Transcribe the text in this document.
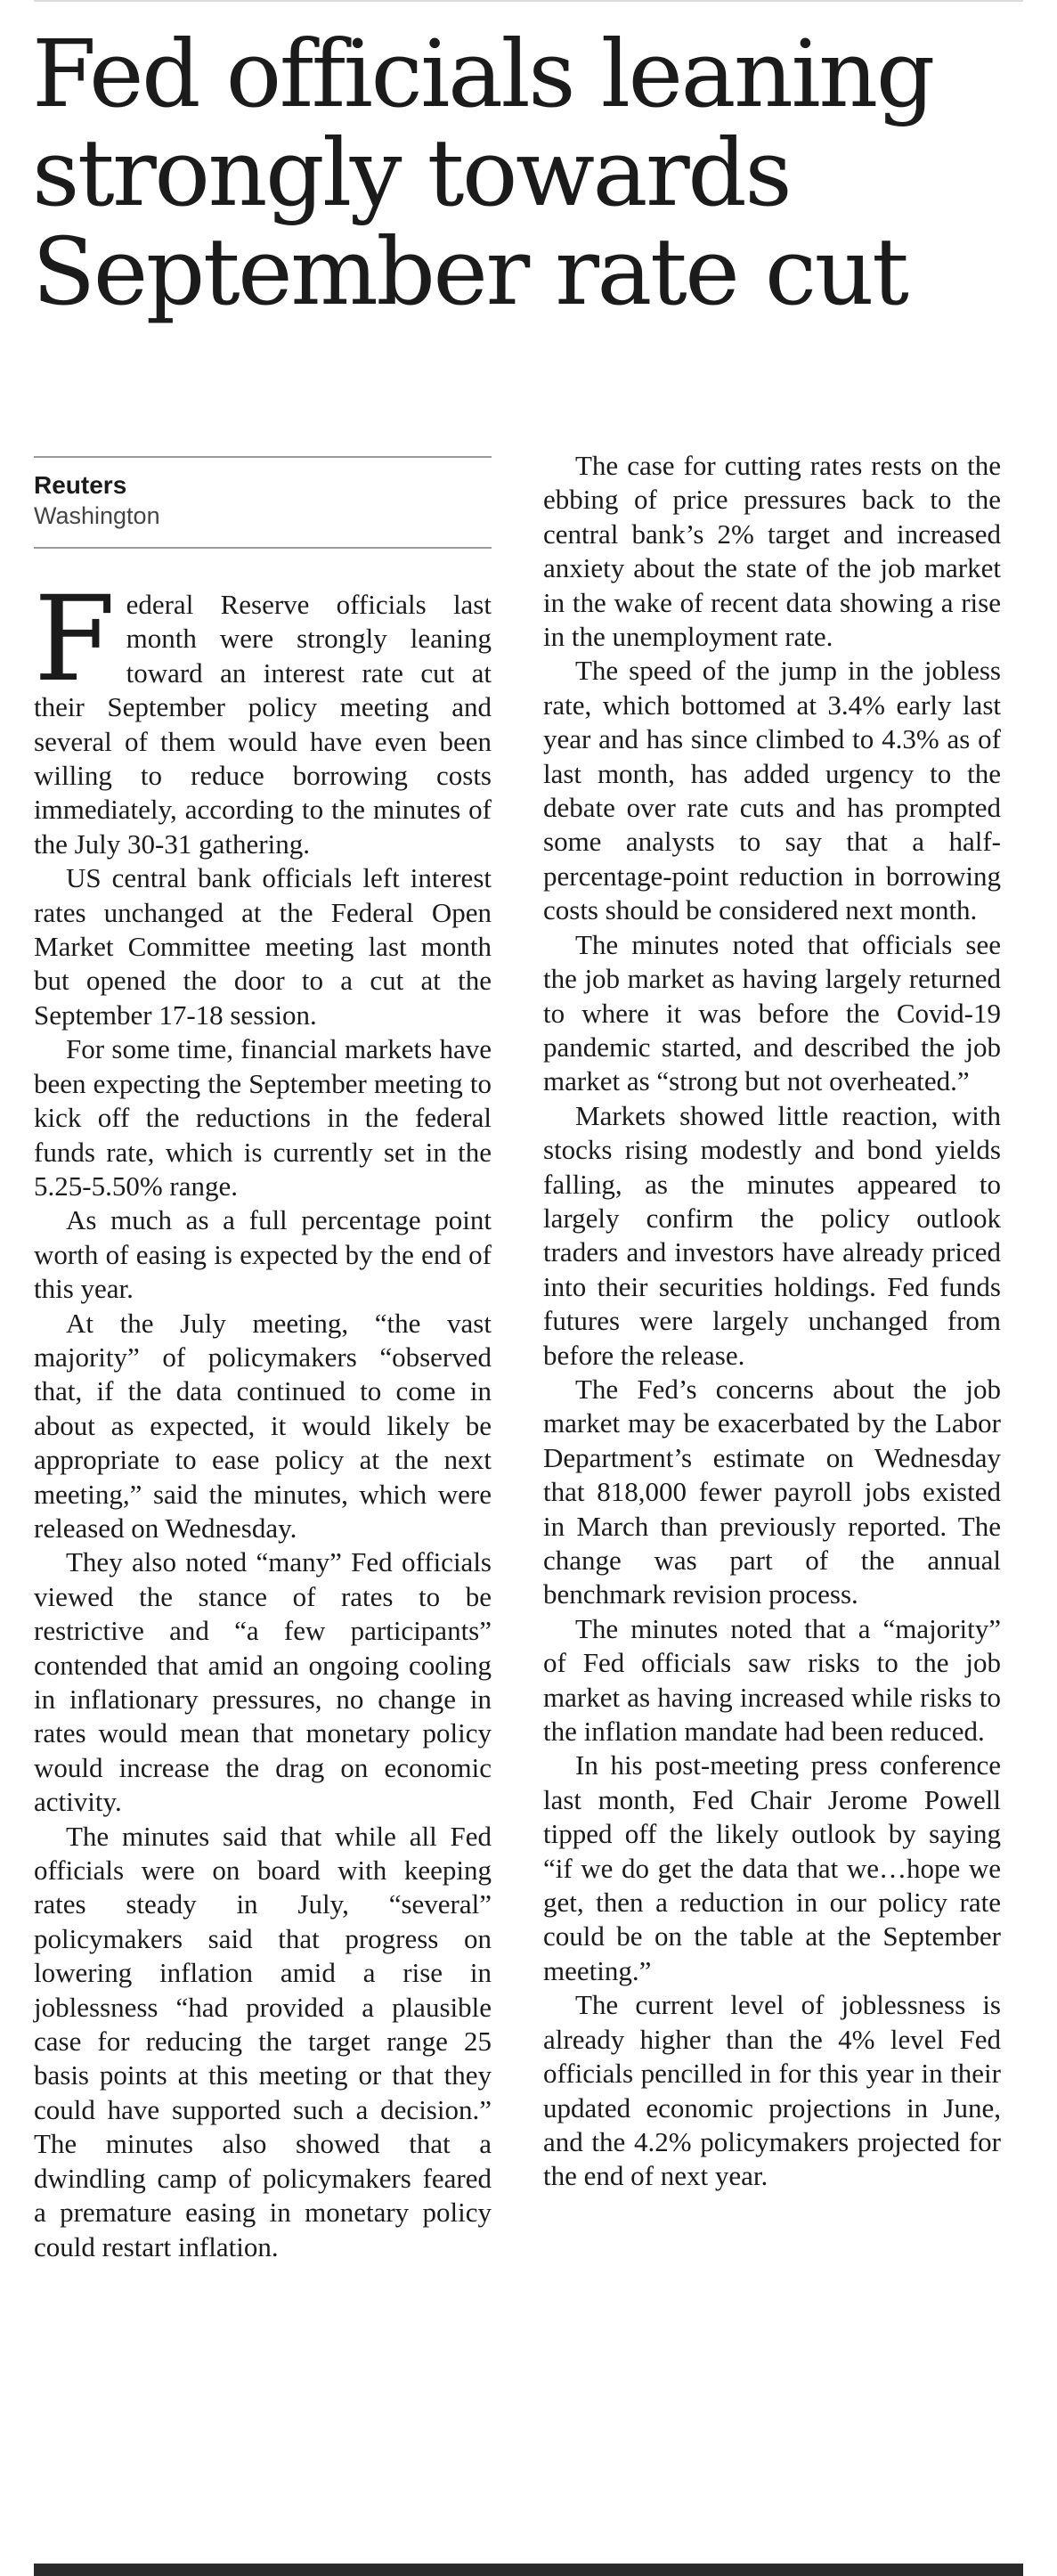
Fed officials leaning strongly towards September rate cut
Reuters
Washington

Federal Reserve officials last month were strongly leaning toward an interest rate cut at their September policy meeting and several of them would have even been willing to reduce borrowing costs immediately, according to the minutes of the July 30-31 gathering.

US central bank officials left interest rates unchanged at the Federal Open Market Committee meeting last month but opened the door to a cut at the September 17-18 session.

For some time, financial markets have been expecting the September meeting to kick off the reductions in the federal funds rate, which is currently set in the 5.25-5.50% range.

As much as a full percentage point worth of easing is expected by the end of this year.

At the July meeting, “the vast majority” of policymakers “observed that, if the data continued to come in about as expected, it would likely be appropriate to ease policy at the next meeting,” said the minutes, which were released on Wednesday.

They also noted “many” Fed officials viewed the stance of rates to be restrictive and “a few participants” contended that amid an ongoing cooling in inflationary pressures, no change in rates would mean that monetary policy would increase the drag on economic activity.

The minutes said that while all Fed officials were on board with keeping rates steady in July, “several” policymakers said that progress on lowering inflation amid a rise in joblessness “had provided a plausible case for reducing the target range 25 basis points at this meeting or that they could have supported such a decision.” The minutes also showed that a dwindling camp of policymakers feared a premature easing in monetary policy could restart inflation.

The case for cutting rates rests on the ebbing of price pressures back to the central bank’s 2% target and increased anxiety about the state of the job market in the wake of recent data showing a rise in the unemployment rate.

The speed of the jump in the jobless rate, which bottomed at 3.4% early last year and has since climbed to 4.3% as of last month, has added urgency to the debate over rate cuts and has prompted some analysts to say that a half-percentage-point reduction in borrowing costs should be considered next month.

The minutes noted that officials see the job market as having largely returned to where it was before the Covid-19 pandemic started, and described the job market as “strong but not overheated.”

Markets showed little reaction, with stocks rising modestly and bond yields falling, as the minutes appeared to largely confirm the policy outlook traders and investors have already priced into their securities holdings. Fed funds futures were largely unchanged from before the release.

The Fed’s concerns about the job market may be exacerbated by the Labor Department’s estimate on Wednesday that 818,000 fewer payroll jobs existed in March than previously reported. The change was part of the annual benchmark revision process.

The minutes noted that a “majority” of Fed officials saw risks to the job market as having increased while risks to the inflation mandate had been reduced.

In his post-meeting press conference last month, Fed Chair Jerome Powell tipped off the likely outlook by saying “if we do get the data that we…hope we get, then a reduction in our policy rate could be on the table at the September meeting.”

The current level of joblessness is already higher than the 4% level Fed officials pencilled in for this year in their updated economic projections in June, and the 4.2% policymakers projected for the end of next year.
